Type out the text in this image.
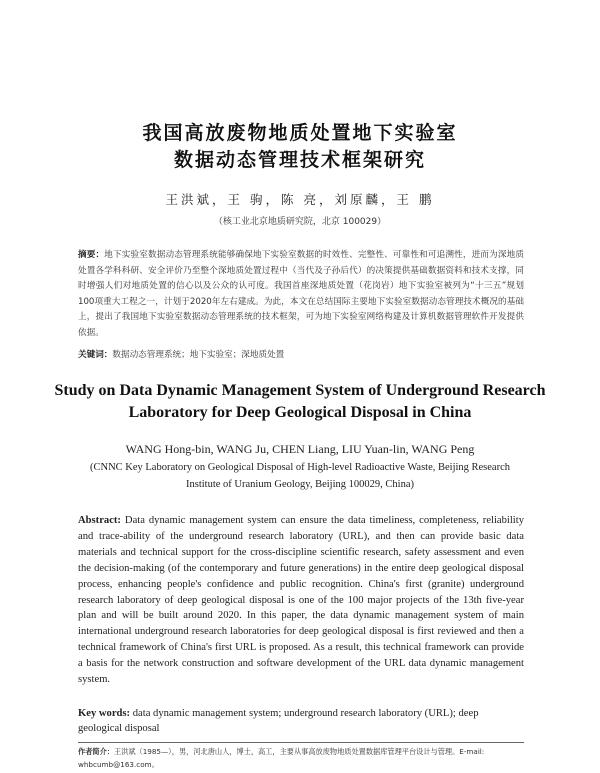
我国高放废物地质处置地下实验室
数据动态管理技术框架研究
王洪斌，王 驹，陈 亮，刘原麟，王 鹏
（核工业北京地质研究院，北京 100029）
摘要：地下实验室数据动态管理系统能够确保地下实验室数据的时效性、完整性、可靠性和可追溯性，进而为深地质处置各学科科研、安全评价乃至整个深地质处置过程中（当代及子孙后代）的决策提供基础数据资料和技术支撑，同时增强人们对地质处置的信心以及公众的认可度。我国首座深地质处置（花岗岩）地下实验室被列为“十三五”规划100项重大工程之一，计划于2020年左右建成。为此，本文在总结国际主要地下实验室数据动态管理技术概况的基础上，提出了我国地下实验室数据动态管理系统的技术框架，可为地下实验室网络构建及计算机数据管理软件开发提供依据。
关键词：数据动态管理系统；地下实验室；深地质处置
Study on Data Dynamic Management System of Underground Research
Laboratory for Deep Geological Disposal in China
WANG Hong-bin, WANG Ju, CHEN Liang, LIU Yuan-lin, WANG Peng
(CNNC Key Laboratory on Geological Disposal of High-level Radioactive Waste, Beijing Research
Institute of Uranium Geology, Beijing 100029, China)
Abstract: Data dynamic management system can ensure the data timeliness, completeness, reliability and trace-ability of the underground research laboratory (URL), and then can provide basic data materials and technical support for the cross-discipline scientific research, safety assessment and even the decision-making (of the contemporary and future generations) in the entire deep geological disposal process, enhancing people's confidence and public recognition. China's first (granite) underground research laboratory of deep geological disposal is one of the 100 major projects of the 13th five-year plan and will be built around 2020. In this paper, the data dynamic management system of main international underground research laboratories for deep geological disposal is first reviewed and then a technical framework of China's first URL is proposed. As a result, this technical framework can provide a basis for the network construction and software development of the URL data dynamic management system.
Key words: data dynamic management system; underground research laboratory (URL); deep geological disposal
作者简介：王洪斌（1985—），男，河北唐山人，博士，高工，主要从事高放废物地质处置数据库管理平台设计与管理。E-mail: whbcumb@163.com。
